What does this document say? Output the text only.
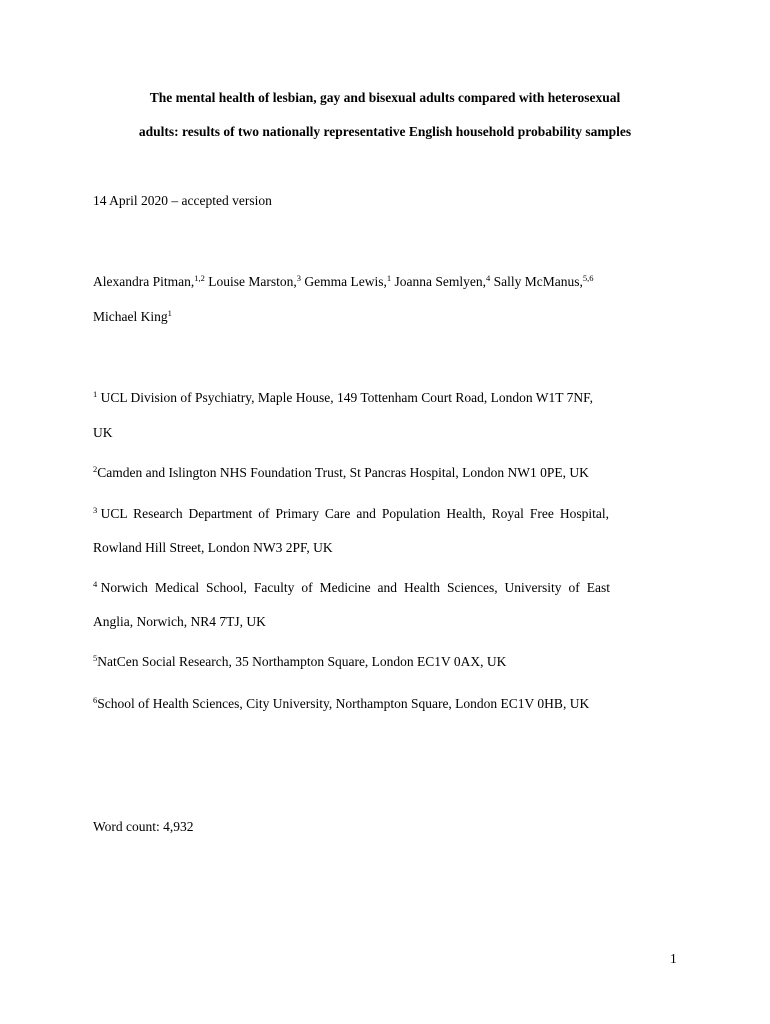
The mental health of lesbian, gay and bisexual adults compared with heterosexual
adults: results of two nationally representative English household probability samples
14 April 2020 – accepted version
Alexandra Pitman,$^{1,2}$ Louise Marston,$^3$ Gemma Lewis,$^1$ Joanna Semlyen,$^4$ Sally McManus,$^{5,6}$
Michael King$^1$
$^1$ UCL Division of Psychiatry, Maple House, 149 Tottenham Court Road, London W1T 7NF,
UK
$^2$Camden and Islington NHS Foundation Trust, St Pancras Hospital, London NW1 0PE, UK
$^3$ UCL Research Department of Primary Care and Population Health, Royal Free Hospital,
Rowland Hill Street, London NW3 2PF, UK
$^4$ Norwich Medical School, Faculty of Medicine and Health Sciences, University of East
Anglia, Norwich, NR4 7TJ, UK
$^5$NatCen Social Research, 35 Northampton Square, London EC1V 0AX, UK
$^6$School of Health Sciences, City University, Northampton Square, London EC1V 0HB, UK
Word count: 4,932
1
